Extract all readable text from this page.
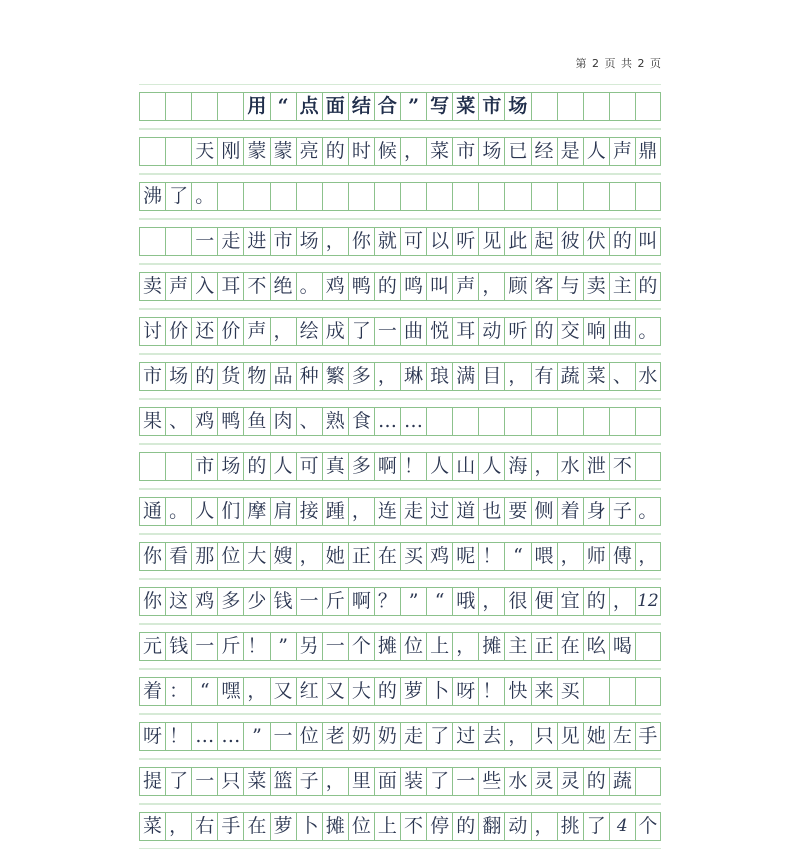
第 2 页 共 2 页
用 “ 点 面 结 合 ” 写 菜 市 场
天 刚 蒙 蒙 亮 的 时 候 ， 菜 市 场 已 经 是 人 声 鼎
沸 了 。
一 走 进 市 场 ， 你 就 可 以 听 见 此 起 彼 伏 的 叫
卖 声 入 耳 不 绝 。 鸡 鸭 的 鸣 叫 声 ， 顾 客 与 卖 主 的
讨 价 还 价 声 ， 绘 成 了 一 曲 悦 耳 动 听 的 交 响 曲 。
市 场 的 货 物 品 种 繁 多 ， 琳 琅 满 目 ， 有 蔬 菜 、 水
果 、 鸡 鸭 鱼 肉 、 熟 食 … …
市 场 的 人 可 真 多 啊 ！ 人 山 人 海 ， 水 泄 不
通 。 人 们 摩 肩 接 踵 ， 连 走 过 道 也 要 侧 着 身 子 。
你 看 那 位 大 嫂 ， 她 正 在 买 鸡 呢 ！ “ 喂 ， 师 傅 ，
你 这 鸡 多 少 钱 一 斤 啊 ？ ” “ 哦 ， 很 便 宜 的 ， 12
元 钱 一 斤 ！ ” 另 一 个 摊 位 上 ， 摊 主 正 在 吆 喝
着 ： “ 嘿 ， 又 红 又 大 的 萝 卜 呀 ！ 快 来 买
呀 ！ … … ” 一 位 老 奶 奶 走 了 过 去 ， 只 见 她 左 手
提 了 一 只 菜 篮 子 ， 里 面 装 了 一 些 水 灵 灵 的 蔬
菜 ， 右 手 在 萝 卜 摊 位 上 不 停 的 翻 动 ， 挑 了 4 个
